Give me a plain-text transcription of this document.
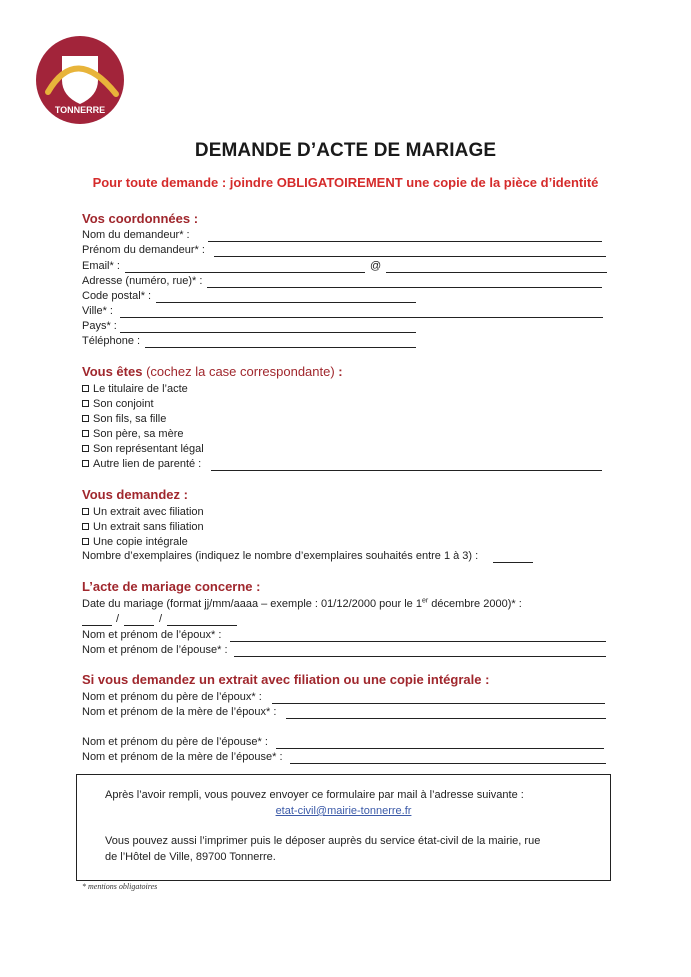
TONNERRE
DEMANDE D’ACTE DE MARIAGE
Pour toute demande : joindre OBLIGATOIREMENT une copie de la pièce d’identité
Vos coordonnées :
Nom du demandeur* :
Prénom du demandeur* :
Email* :	@
Adresse (numéro, rue)* :
Code postal* :
Ville* :
Pays* :
Téléphone :
Vous êtes (cochez la case correspondante) :
Le titulaire de l’acte
Son conjoint
Son fils, sa fille
Son père, sa mère
Son représentant légal
Autre lien de parenté :
Vous demandez :
Un extrait avec filiation
Un extrait sans filiation
Une copie intégrale
Nombre d’exemplaires (indiquez le nombre d’exemplaires souhaités entre 1 à 3) :
L’acte de mariage concerne :
Date du mariage (format jj/mm/aaaa – exemple : 01/12/2000 pour le 1er décembre 2000)* :
/	/
Nom et prénom de l’époux* :
Nom et prénom de l’épouse* :
Si vous demandez un extrait avec filiation ou une copie intégrale :
Nom et prénom du père de l’époux* :
Nom et prénom de la mère de l’époux* :
Nom et prénom du père de l’épouse* :
Nom et prénom de la mère de l’épouse* :
Après l’avoir rempli, vous pouvez envoyer ce formulaire par mail à l’adresse suivante :
etat-civil@mairie-tonnerre.fr
Vous pouvez aussi l’imprimer puis le déposer auprès du service état-civil de la mairie, rue
de l’Hôtel de Ville, 89700 Tonnerre.
* mentions obligatoires
